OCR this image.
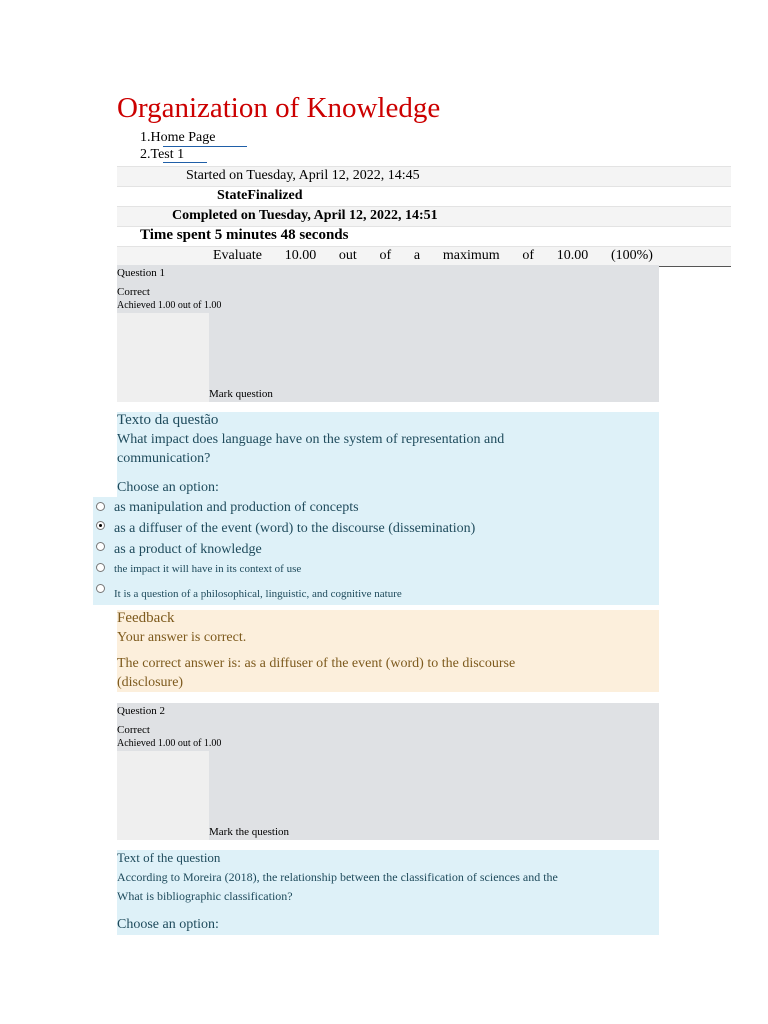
Organization of Knowledge
1.Home Page
2.Test 1
Started on Tuesday, April 12, 2022, 14:45
StateFinalized
Completed on Tuesday, April 12, 2022, 14:51
Time spent 5 minutes 48 seconds
Evaluate 10.00 out of a maximum of 10.00 (100%)
Question 1
Correct
Achieved 1.00 out of 1.00
Mark question
Texto da questão
What impact does language have on the system of representation and
communication?
Choose an option:
as manipulation and production of concepts
as a diffuser of the event (word) to the discourse (dissemination)
as a product of knowledge
the impact it will have in its context of use
It is a question of a philosophical, linguistic, and cognitive nature
Feedback
Your answer is correct.
The correct answer is: as a diffuser of the event (word) to the discourse
(disclosure)
Question 2
Correct
Achieved 1.00 out of 1.00
Mark the question
Text of the question
According to Moreira (2018), the relationship between the classification of sciences and the
What is bibliographic classification?
Choose an option:
